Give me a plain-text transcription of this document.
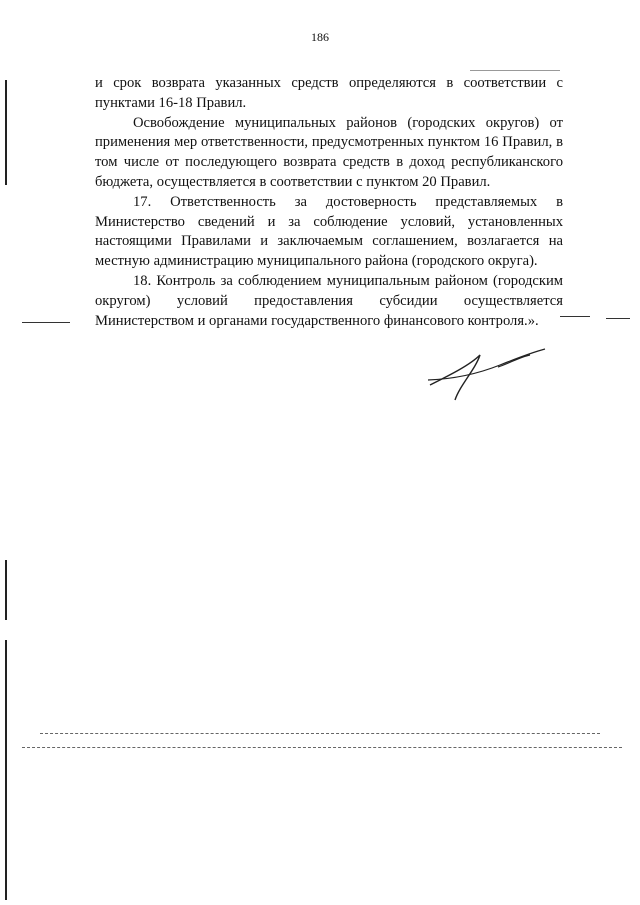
186

и срок возврата указанных средств определяются в соответствии с пунктами 16-18 Правил.

Освобождение муниципальных районов (городских округов) от применения мер ответственности, предусмотренных пунктом 16 Правил, в том числе от последующего возврата средств в доход республиканского бюджета, осуществляется в соответствии с пунктом 20 Правил.

17. Ответственность за достоверность представляемых в Министерство сведений и за соблюдение условий, установленных настоящими Правилами и заключаемым соглашением, возлагается на местную администрацию муниципального района (городского округа).

18. Контроль за соблюдением муниципальным районом (городским округом) условий предоставления субсидии осуществляется Министерством и органами государственного финансового контроля.».
